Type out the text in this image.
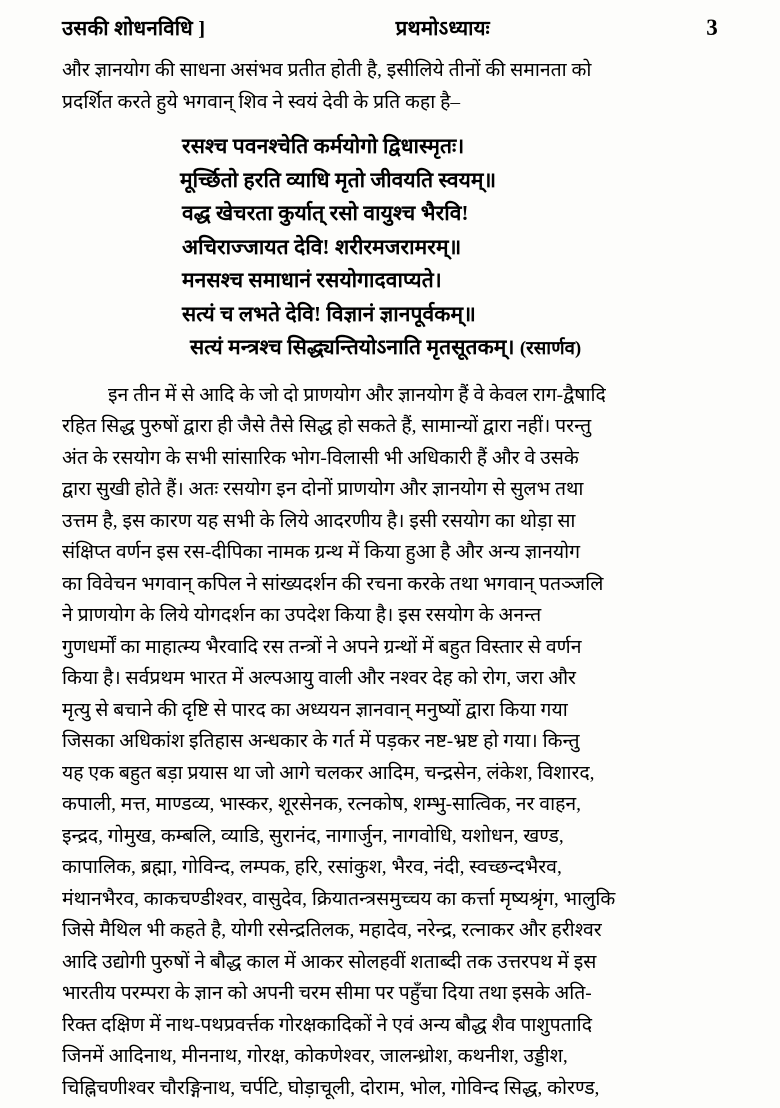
उसकी शोधनविधि ]	प्रथमोऽध्यायः	3

और ज्ञानयोग की साधना असंभव प्रतीत होती है, इसीलिये तीनों की समानता को
प्रदर्शित करते हुये भगवान् शिव ने स्वयं देवी के प्रति कहा है–

रसश्च पवनश्चेति कर्मयोगो द्विधास्मृतः।
मूर्च्छितो हरति व्याधि मृतो जीवयति स्वयम्॥
वद्ध खेचरता कुर्यात् रसो वायुश्च भैरवि!
अचिराज्जायत देवि! शरीरमजरामरम्॥
मनसश्च समाधानं रसयोगादवाप्यते।
सत्यं च लभते देवि! विज्ञानं ज्ञानपूर्वकम्॥
सत्यं मन्त्रश्च सिद्ध्यन्तियोऽनाति मृतसूतकम्। (रसार्णव)

इन तीन में से आदि के जो दो प्राणयोग और ज्ञानयोग हैं वे केवल राग-द्वैषादि
रहित सिद्ध पुरुषों द्वारा ही जैसे तैसे सिद्ध हो सकते हैं, सामान्यों द्वारा नहीं। परन्तु
अंत के रसयोग के सभी सांसारिक भोग-विलासी भी अधिकारी हैं और वे उसके
द्वारा सुखी होते हैं। अतः रसयोग इन दोनों प्राणयोग और ज्ञानयोग से सुलभ तथा
उत्तम है, इस कारण यह सभी के लिये आदरणीय है। इसी रसयोग का थोड़ा सा
संक्षिप्त वर्णन इस रस-दीपिका नामक ग्रन्थ में किया हुआ है और अन्य ज्ञानयोग
का विवेचन भगवान् कपिल ने सांख्यदर्शन की रचना करके तथा भगवान् पतञ्जलि
ने प्राणयोग के लिये योगदर्शन का उपदेश किया है। इस रसयोग के अनन्त
गुणधर्मों का माहात्म्य भैरवादि रस तन्त्रों ने अपने ग्रन्थों में बहुत विस्तार से वर्णन
किया है। सर्वप्रथम भारत में अल्पआयु वाली और नश्वर देह को रोग, जरा और
मृत्यु से बचाने की दृष्टि से पारद का अध्ययन ज्ञानवान् मनुष्यों द्वारा किया गया
जिसका अधिकांश इतिहास अन्धकार के गर्त में पड़कर नष्ट-भ्रष्ट हो गया। किन्तु
यह एक बहुत बड़ा प्रयास था जो आगे चलकर आदिम, चन्द्रसेन, लंकेश, विशारद,
कपाली, मत्त, माण्डव्य, भास्कर, शूरसेनक, रत्नकोष, शम्भु-सात्विक, नर वाहन,
इन्द्रद, गोमुख, कम्बलि, व्याडि, सुरानंद, नागार्जुन, नागवोधि, यशोधन, खण्ड,
कापालिक, ब्रह्मा, गोविन्द, लम्पक, हरि, रसांकुश, भैरव, नंदी, स्वच्छन्दभैरव,
मंथानभैरव, काकचण्डीश्वर, वासुदेव, क्रियातन्त्रसमुच्चय का कर्त्ता मृष्यश्रृंग, भालुकि
जिसे मैथिल भी कहते है, योगी रसेन्द्रतिलक, महादेव, नरेन्द्र, रत्नाकर और हरीश्वर
आदि उद्योगी पुरुषों ने बौद्ध काल में आकर सोलहवीं शताब्दी तक उत्तरपथ में इस
भारतीय परम्परा के ज्ञान को अपनी चरम सीमा पर पहुँचा दिया तथा इसके अति-
रिक्त दक्षिण में नाथ-पथप्रवर्त्तक गोरक्षकादिकों ने एवं अन्य बौद्ध शैव पाशुपतादि
जिनमें आदिनाथ, मीननाथ, गोरक्ष, कोकणेश्वर, जालन्ध्रोश, कथनीश, उड्डीश,
चिह्निचणीश्वर चौरङ्गिनाथ, चर्पटि, घोड़ाचूली, दोराम, भोल, गोविन्द सिद्ध, कोरण्ड,
